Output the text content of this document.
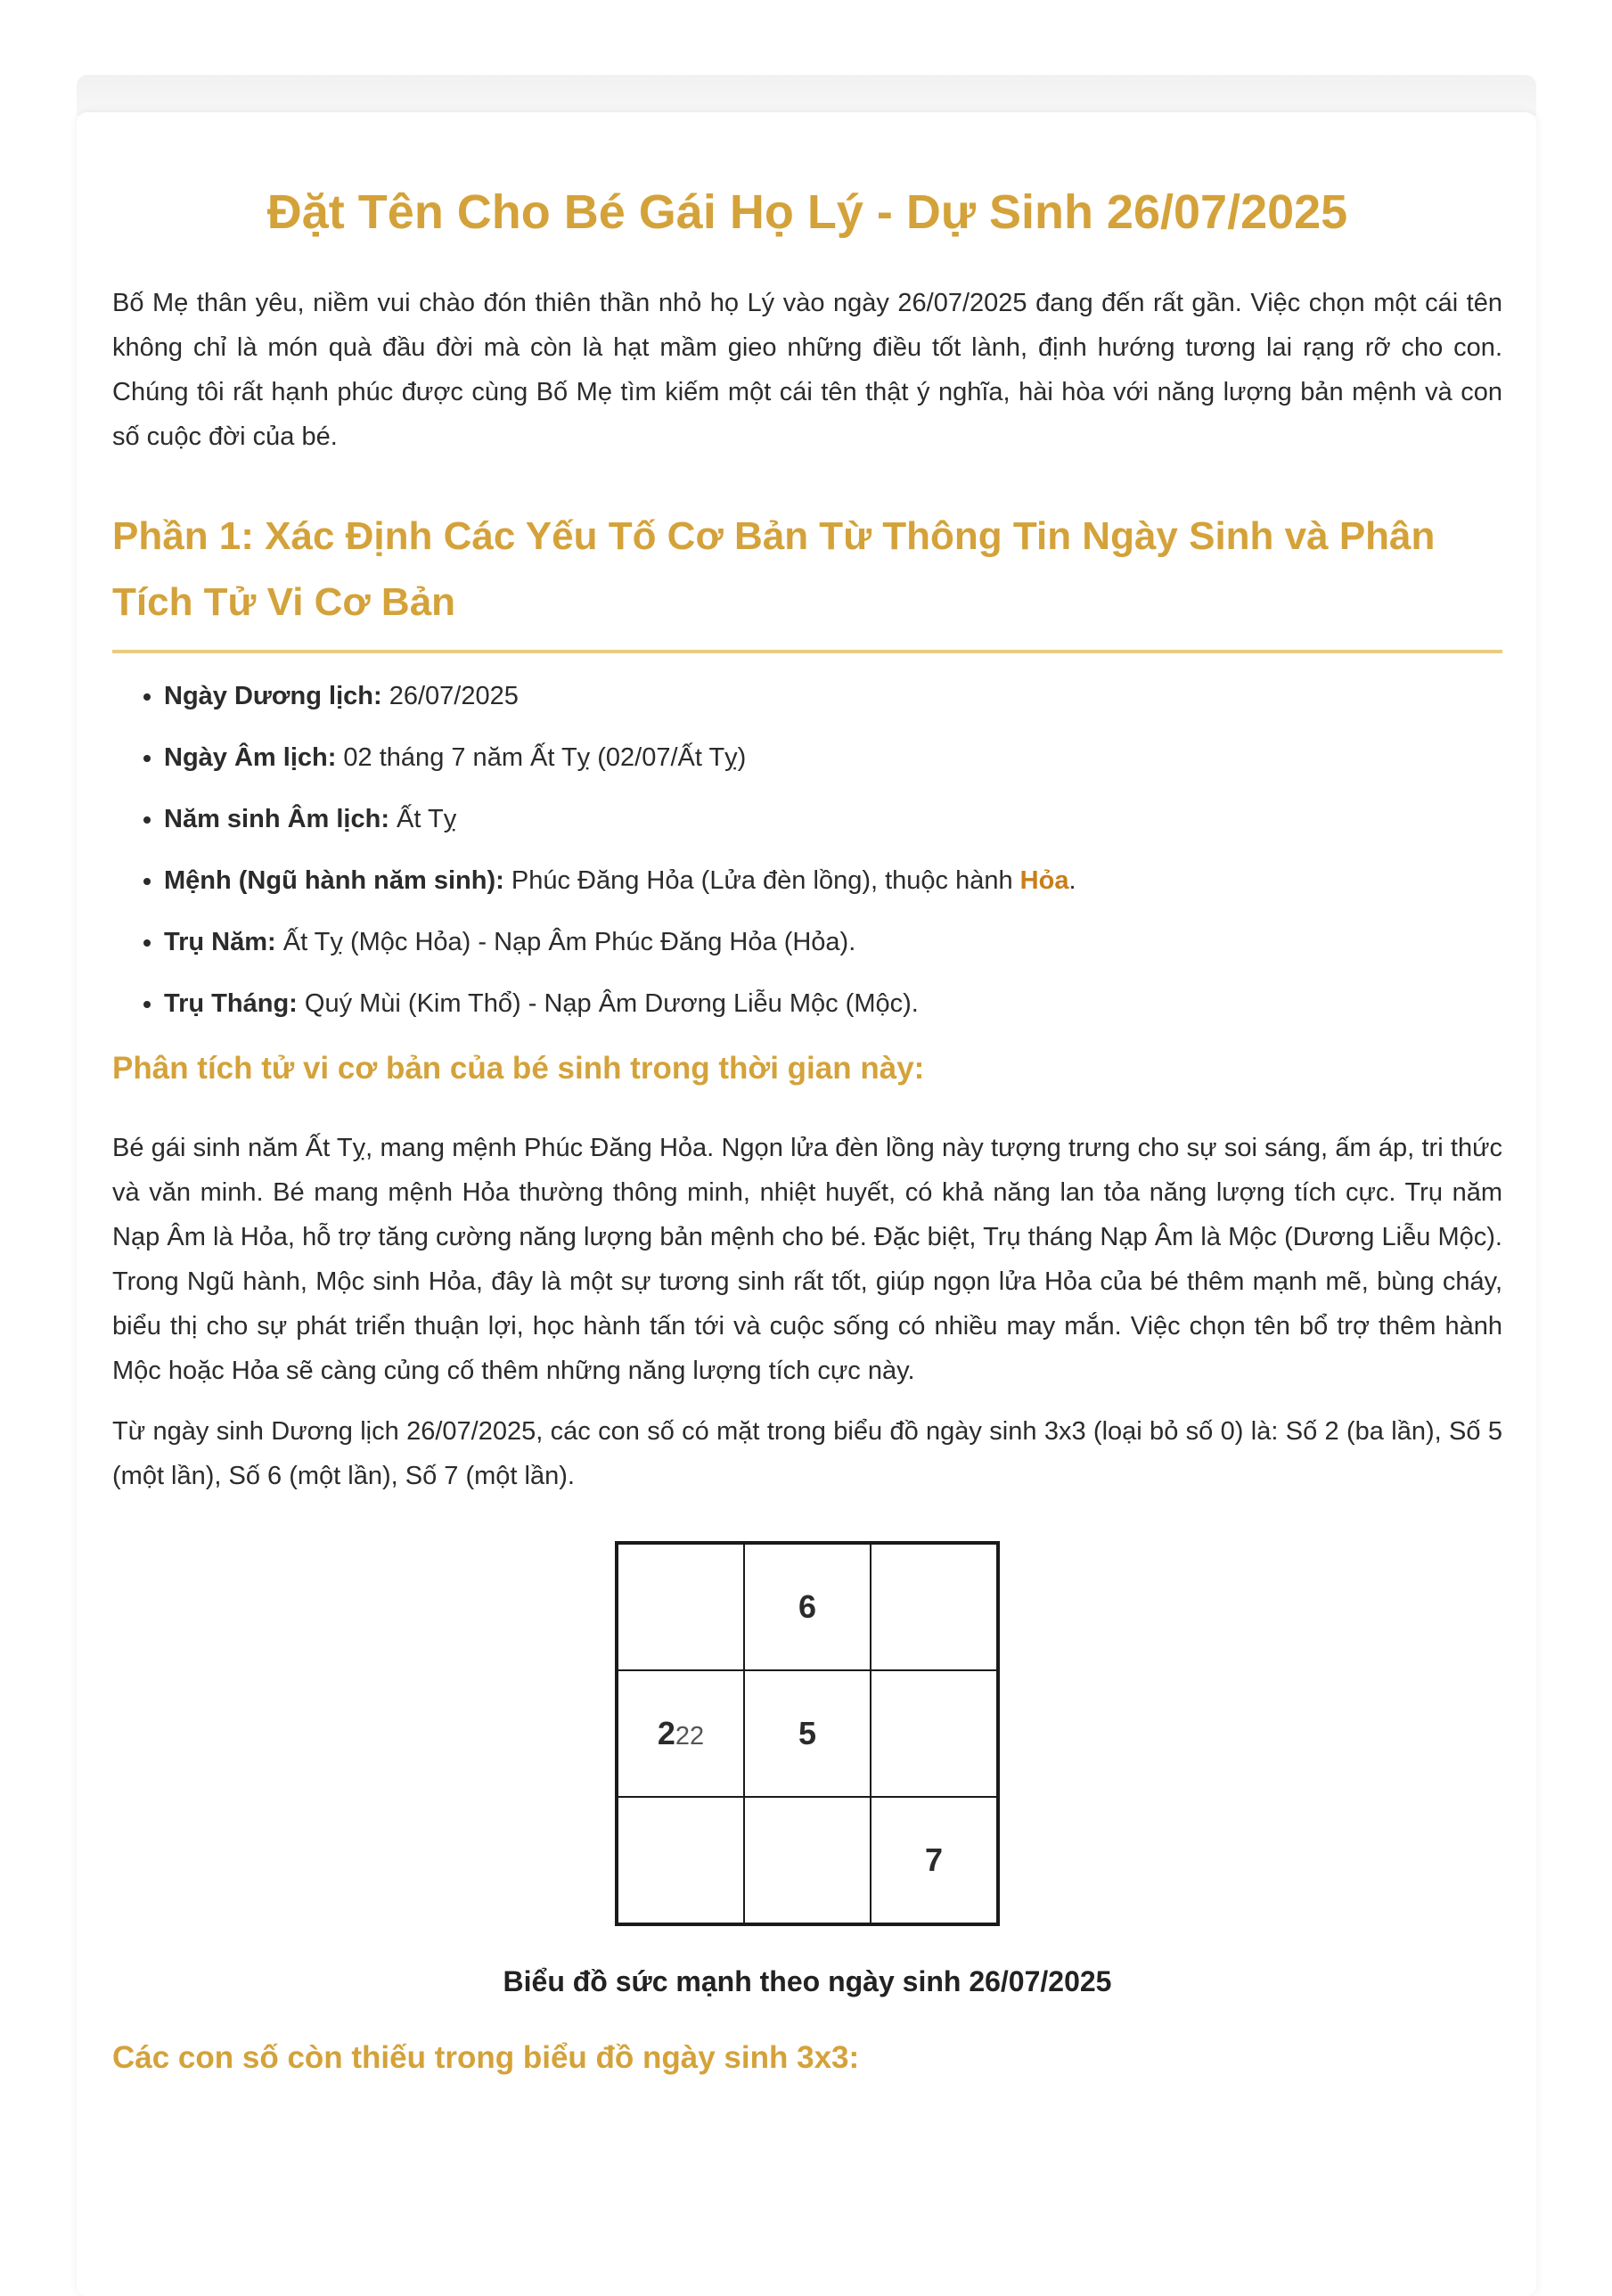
Đặt Tên Cho Bé Gái Họ Lý - Dự Sinh 26/07/2025

Bố Mẹ thân yêu, niềm vui chào đón thiên thần nhỏ họ Lý vào ngày 26/07/2025 đang đến rất gần. Việc chọn một cái tên không chỉ là món quà đầu đời mà còn là hạt mầm gieo những điều tốt lành, định hướng tương lai rạng rỡ cho con. Chúng tôi rất hạnh phúc được cùng Bố Mẹ tìm kiếm một cái tên thật ý nghĩa, hài hòa với năng lượng bản mệnh và con số cuộc đời của bé.

Phần 1: Xác Định Các Yếu Tố Cơ Bản Từ Thông Tin Ngày Sinh và Phân Tích Tử Vi Cơ Bản
• Ngày Dương lịch: 26/07/2025
• Ngày Âm lịch: 02 tháng 7 năm Ất Tỵ (02/07/Ất Tỵ)
• Năm sinh Âm lịch: Ất Tỵ
• Mệnh (Ngũ hành năm sinh): Phúc Đăng Hỏa (Lửa đèn lồng), thuộc hành Hỏa.
• Trụ Năm: Ất Tỵ (Mộc Hỏa) - Nạp Âm Phúc Đăng Hỏa (Hỏa).
• Trụ Tháng: Quý Mùi (Kim Thổ) - Nạp Âm Dương Liễu Mộc (Mộc).
Phân tích tử vi cơ bản của bé sinh trong thời gian này:

Bé gái sinh năm Ất Tỵ, mang mệnh Phúc Đăng Hỏa. Ngọn lửa đèn lồng này tượng trưng cho sự soi sáng, ấm áp, tri thức và văn minh. Bé mang mệnh Hỏa thường thông minh, nhiệt huyết, có khả năng lan tỏa năng lượng tích cực. Trụ năm Nạp Âm là Hỏa, hỗ trợ tăng cường năng lượng bản mệnh cho bé. Đặc biệt, Trụ tháng Nạp Âm là Mộc (Dương Liễu Mộc). Trong Ngũ hành, Mộc sinh Hỏa, đây là một sự tương sinh rất tốt, giúp ngọn lửa Hỏa của bé thêm mạnh mẽ, bùng cháy, biểu thị cho sự phát triển thuận lợi, học hành tấn tới và cuộc sống có nhiều may mắn. Việc chọn tên bổ trợ thêm hành Mộc hoặc Hỏa sẽ càng củng cố thêm những năng lượng tích cực này.

Từ ngày sinh Dương lịch 26/07/2025, các con số có mặt trong biểu đồ ngày sinh 3x3 (loại bỏ số 0) là: Số 2 (ba lần), Số 5 (một lần), Số 6 (một lần), Số 7 (một lần).

	6	
222	5	
		7
Biểu đồ sức mạnh theo ngày sinh 26/07/2025
Các con số còn thiếu trong biểu đồ ngày sinh 3x3:
